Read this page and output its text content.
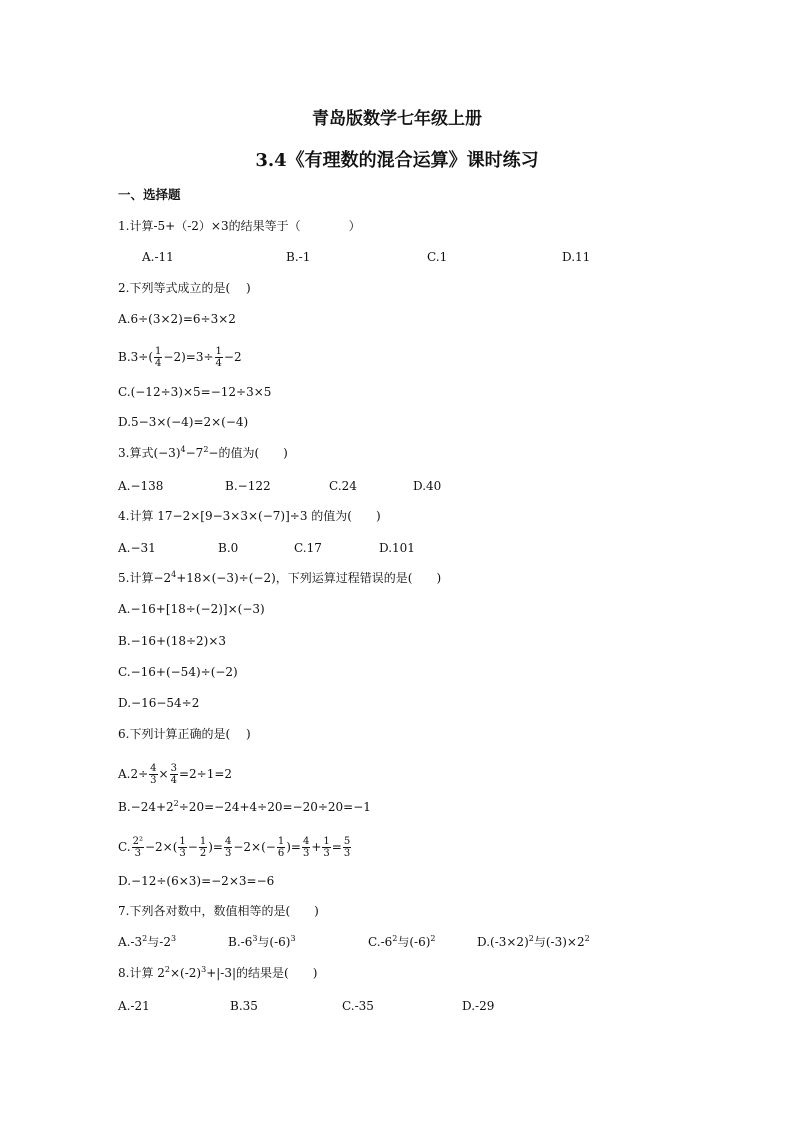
青岛版数学七年级上册
3.4《有理数的混合运算》课时练习
一、选择题
1.计算-5+（-2）×3的结果等于（　　　　）
A.-11	B.-1	C.1	D.11
2.下列等式成立的是(　 )
A.6÷(3×2)=6÷3×2
$B.3\div( \frac{1}{4} -2)=3\div \frac{1}{4} -2$
C.(−12÷3)×5=−12÷3×5
D.5−3×(−4)=2×(−4)
3.算式$(-3)^4-7^2-$的值为(　　)
A.−138	B.−122	C.24	D.40
4.计算 17−2×[9−3×3×(−7)]÷3 的值为(　　)
A.−31	B.0	C.17	D.101
5.计算$-2^4+18\times(-3)\div(-2)$，下列运算过程错误的是(　　)
A.−16+[18÷(−2)]×(−3)
B.−16+(18÷2)×3
C.−16+(−54)÷(−2)
D.−16−54÷2
6.下列计算正确的是(　 )
$A.2\div \frac{4}{3} \times \frac{3}{4} =2\div 1=2$
$B.-24+2^2\div 20=-24+4\div 20=-20\div 20=-1$
C. $\frac{\text{2²}}{3} -2\times( \frac{1}{3} - \frac{1}{2}$ )= $\frac{4}{3} -2\times(- \frac{1}{6}$ )= $\frac{4}{3} + \frac{1}{3} = \frac{5}{3}$
D.−12÷(6×3)=−2×3=−6
7.下列各对数中，数值相等的是(　　)
$A.-3^2$与$-2^3$	$B.-6^3$与$(-6)^3$	$C.-6^2$与$(-6)^2$	$D.(-3\times 2)^2$与$(-3)\times 2^2$
8.计算 $2^2\times(-2)^3+|-3|$的结果是(　　)
A.-21	B.35	C.-35	D.-29
